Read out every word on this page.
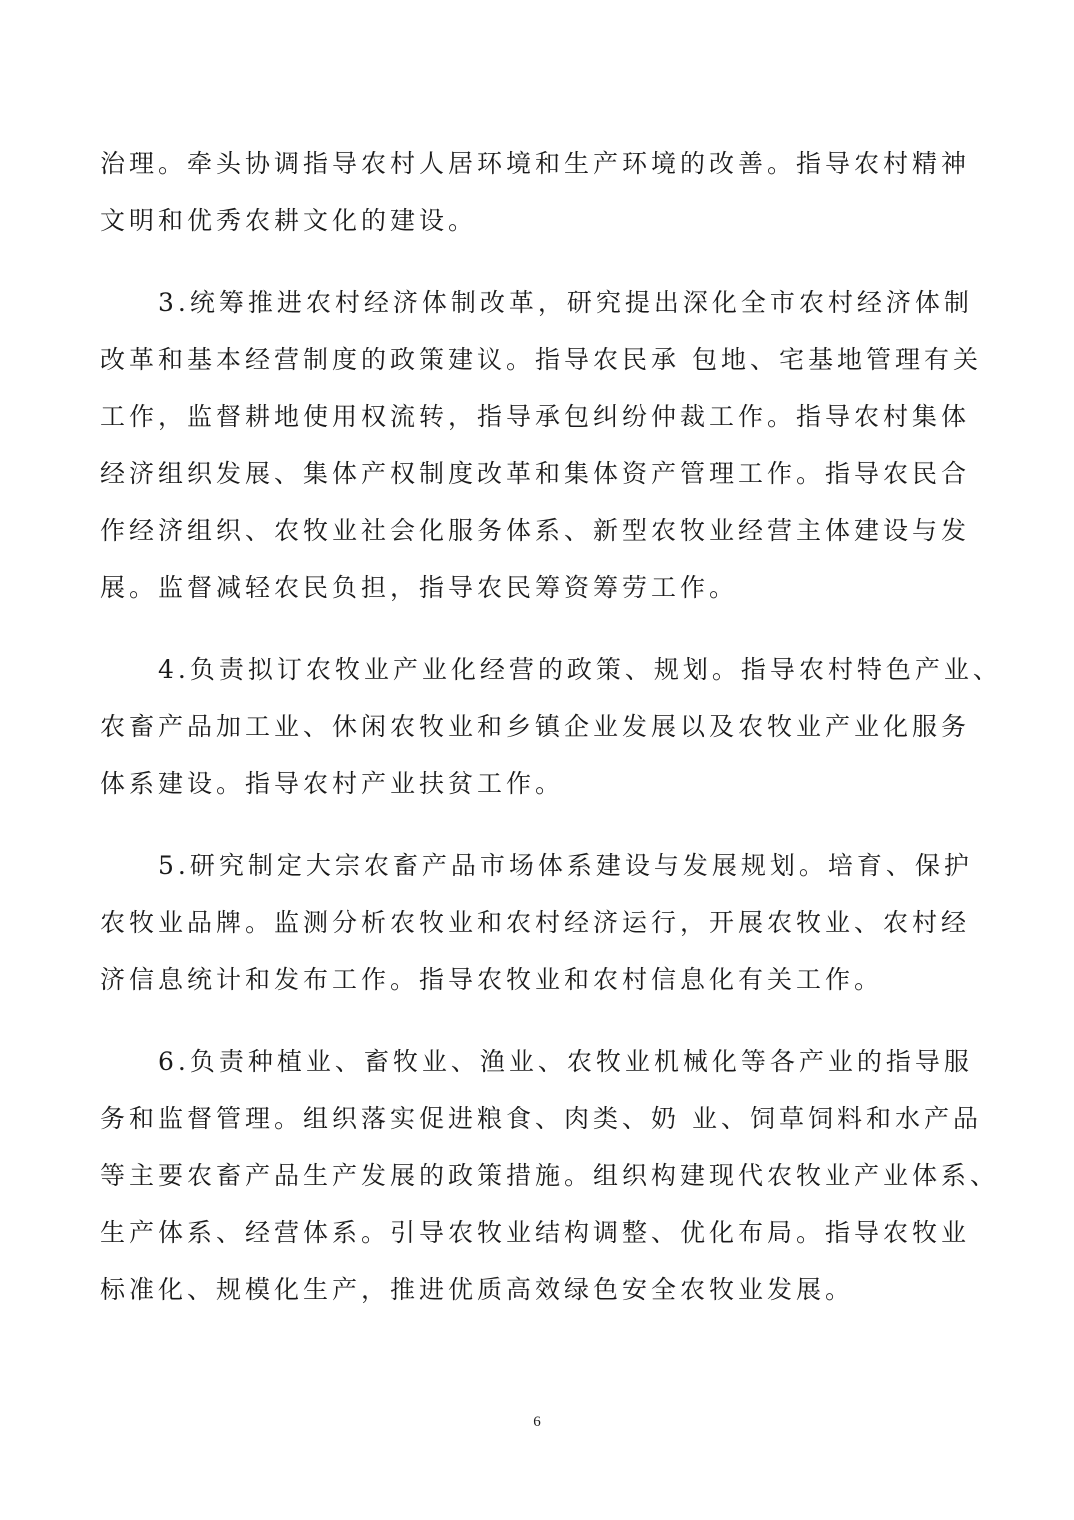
治理。牵头协调指导农村人居环境和生产环境的改善。指导农村精神
文明和优秀农耕文化的建设。
3.统筹推进农村经济体制改革，研究提出深化全市农村经济体制
改革和基本经营制度的政策建议。指导农民承 包地、宅基地管理有关
工作，监督耕地使用权流转，指导承包纠纷仲裁工作。指导农村集体
经济组织发展、集体产权制度改革和集体资产管理工作。指导农民合
作经济组织、农牧业社会化服务体系、新型农牧业经营主体建设与发
展。监督减轻农民负担，指导农民筹资筹劳工作。
4.负责拟订农牧业产业化经营的政策、规划。指导农村特色产业、
农畜产品加工业、休闲农牧业和乡镇企业发展以及农牧业产业化服务
体系建设。指导农村产业扶贫工作。
5.研究制定大宗农畜产品市场体系建设与发展规划。培育、保护
农牧业品牌。监测分析农牧业和农村经济运行，开展农牧业、农村经
济信息统计和发布工作。指导农牧业和农村信息化有关工作。
6.负责种植业、畜牧业、渔业、农牧业机械化等各产业的指导服
务和监督管理。组织落实促进粮食、肉类、奶 业、饲草饲料和水产品
等主要农畜产品生产发展的政策措施。组织构建现代农牧业产业体系、
生产体系、经营体系。引导农牧业结构调整、优化布局。指导农牧业
标准化、规模化生产，推进优质高效绿色安全农牧业发展。
6
